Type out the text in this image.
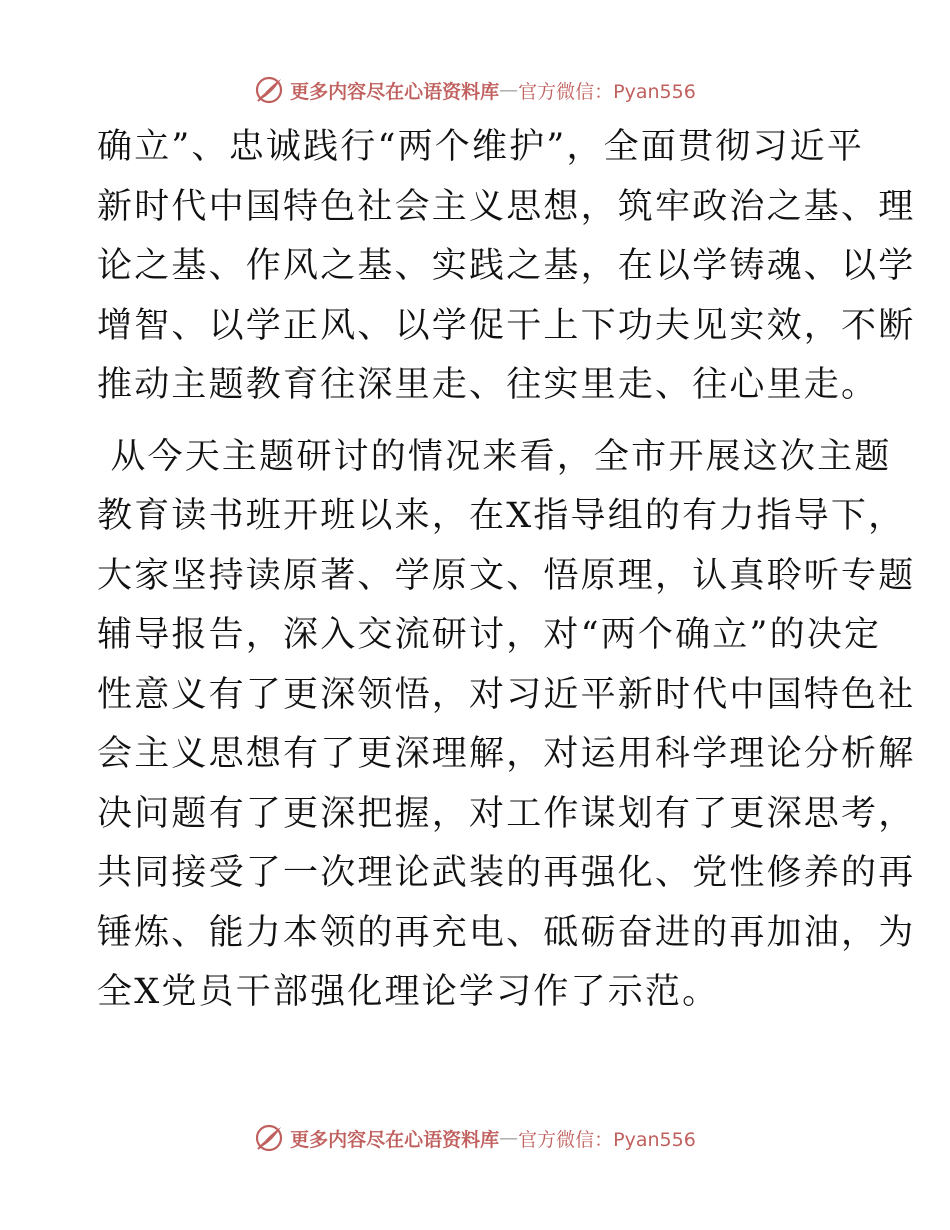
更多内容尽在心语资料库 — 官方微信：Pyan556

确立”、忠诚践行“两个维护”，全面贯彻习近平
新时代中国特色社会主义思想，筑牢政治之基、理
论之基、作风之基、实践之基，在以学铸魂、以学
增智、以学正风、以学促干上下功夫见实效，不断
推动主题教育往深里走、往实里走、往心里走。

从今天主题研讨的情况来看，全市开展这次主题
教育读书班开班以来，在X指导组的有力指导下，
大家坚持读原著、学原文、悟原理，认真聆听专题
辅导报告，深入交流研讨，对“两个确立”的决定
性意义有了更深领悟，对习近平新时代中国特色社
会主义思想有了更深理解，对运用科学理论分析解
决问题有了更深把握，对工作谋划有了更深思考，
共同接受了一次理论武装的再强化、党性修养的再
锤炼、能力本领的再充电、砥砺奋进的再加油，为
全X党员干部强化理论学习作了示范。

更多内容尽在心语资料库 — 官方微信：Pyan556
